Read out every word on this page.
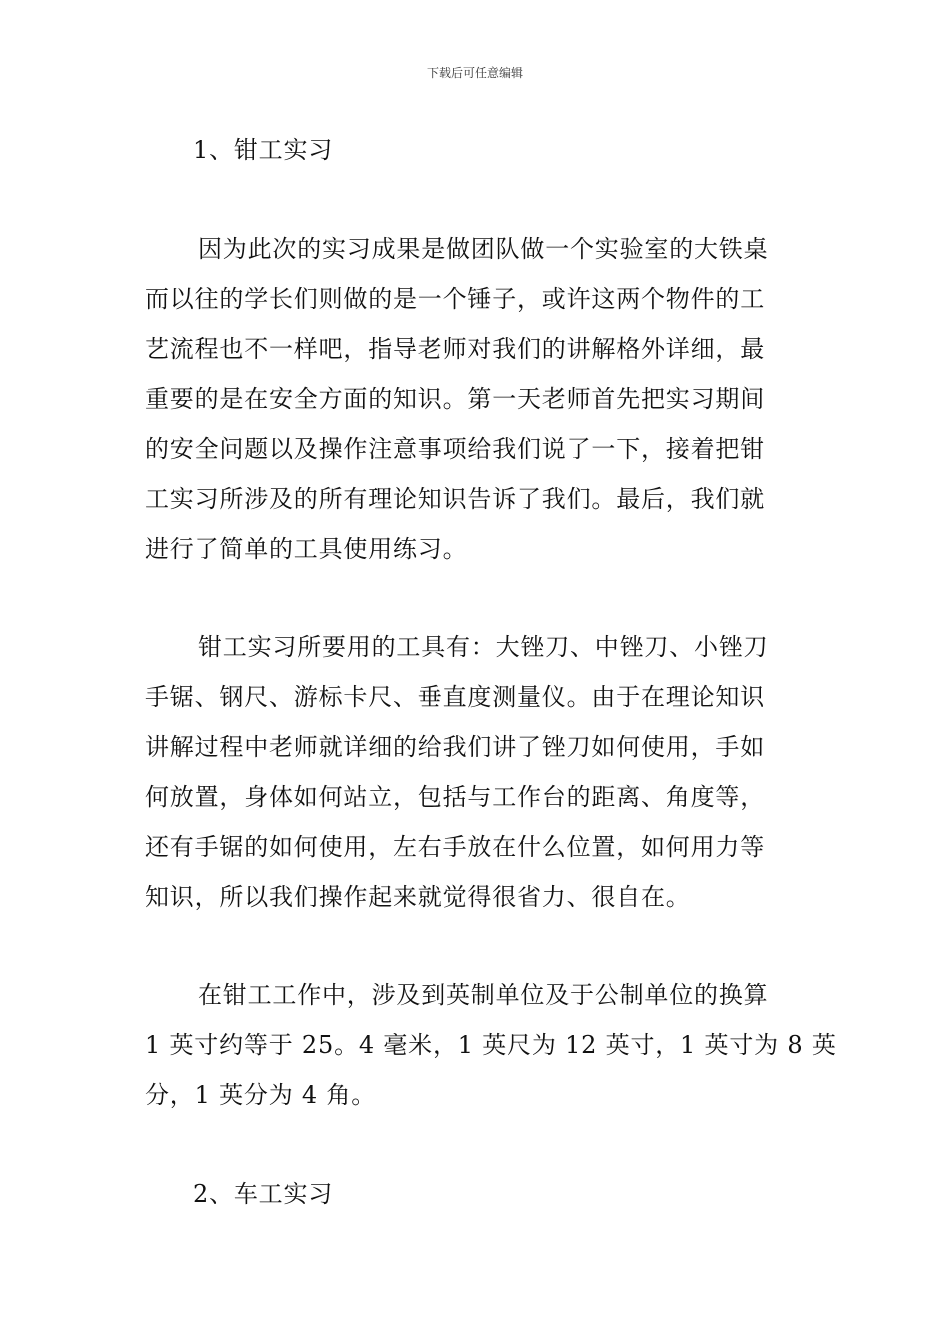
下载后可任意编辑
1、钳工实习
因为此次的实习成果是做团队做一个实验室的大铁桌
而以往的学长们则做的是一个锤子，或许这两个物件的工
艺流程也不一样吧，指导老师对我们的讲解格外详细，最
重要的是在安全方面的知识。第一天老师首先把实习期间
的安全问题以及操作注意事项给我们说了一下，接着把钳
工实习所涉及的所有理论知识告诉了我们。最后，我们就
进行了简单的工具使用练习。
钳工实习所要用的工具有：大锉刀、中锉刀、小锉刀
手锯、钢尺、游标卡尺、垂直度测量仪。由于在理论知识
讲解过程中老师就详细的给我们讲了锉刀如何使用，手如
何放置，身体如何站立，包括与工作台的距离、角度等，
还有手锯的如何使用，左右手放在什么位置，如何用力等
知识，所以我们操作起来就觉得很省力、很自在。
在钳工工作中，涉及到英制单位及于公制单位的换算
1 英寸约等于 25。4 毫米，1 英尺为 12 英寸，1 英寸为 8 英
分，1 英分为 4 角。
2、车工实习
